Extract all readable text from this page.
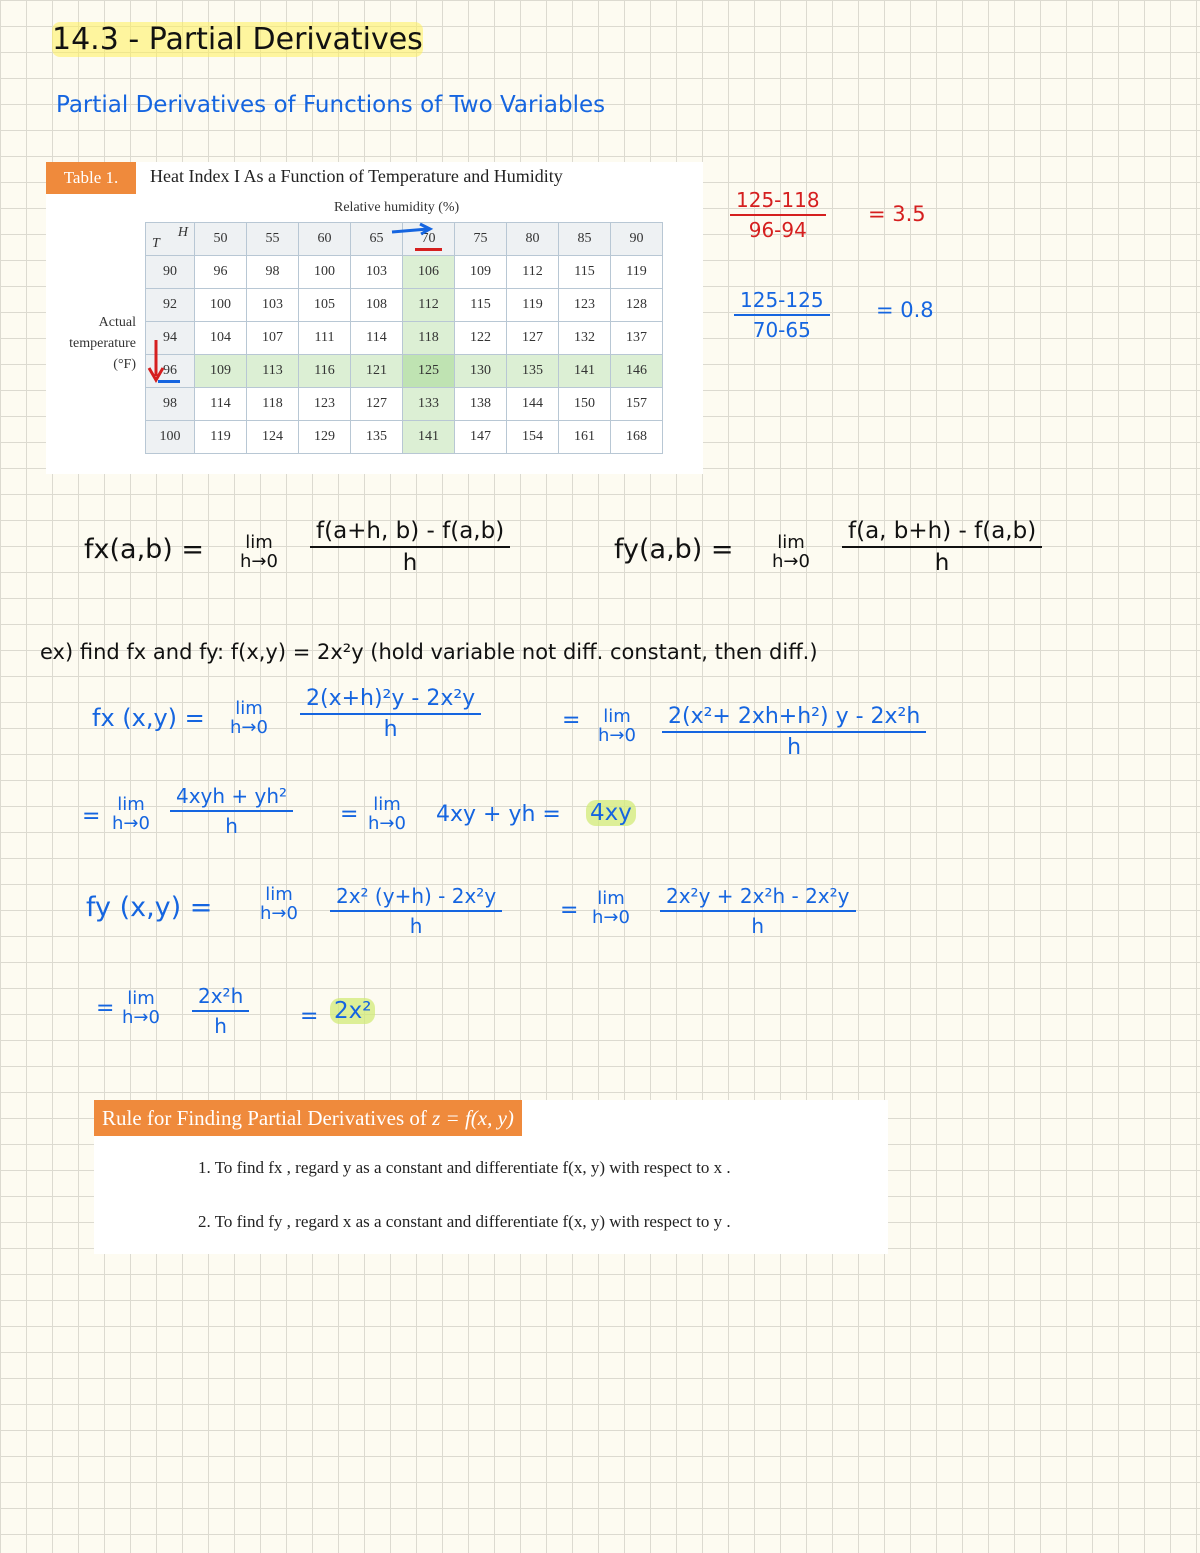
14.3 - Partial Derivatives
Partial Derivatives of Functions of Two Variables
Table 1.	Heat Index I As a Function of Temperature and Humidity
Relative humidity (%)
Actual
temperature
(°F)
H
T	50	55	60	65	70	75	80	85	90
90	96	98	100	103	106	109	112	115	119
92	100	103	105	108	112	115	119	123	128
94	104	107	111	114	118	122	127	132	137
96	109	113	116	121	125	130	135	141	146
98	114	118	123	127	133	138	144	150	157
100	119	124	129	135	141	147	154	161	168
$\frac{125-118}{96-94} = 3.5$
$\frac{125-125}{70-65} = 0.8$
fx(a,b) = lim
$h\to 0 \frac{f(a+h, b) - f(a,b)}{h}$	fy(a,b) = lim
$h\to 0 \frac{f(a, b+h) - f(a,b)}{h}$
ex) find fx and fy: f(x,y) = 2x²y (hold variable not diff. constant, then diff.)
fx (x,y) = lim
$h\to 0 \frac{\text{2(x+h)²y - 2x²y}}{h}$	= lim
$h\to 0 \frac{\text{2(x²+ 2xh+h²) y - 2x²h}}{h}$
= lim
h→0
4xyh + yh²
h	= lim
h→0 4xy + yh = 4xy
fy (x,y) =	lim
$h\to 0 \frac{\text{2x² (y+h) - 2x²y}}{h}$	= lim
$h\to 0 \frac{\text{2x²y + 2x²h - 2x²y}}{h}$
= lim
$h\to 0 \frac{\text{2x²h}}{h} = 2x^2$
Rule for Finding Partial Derivatives of z = f(x, y)
1. To find fx , regard y as a constant and differentiate f(x, y) with respect to x .
2. To find fy , regard x as a constant and differentiate f(x, y) with respect to y .
